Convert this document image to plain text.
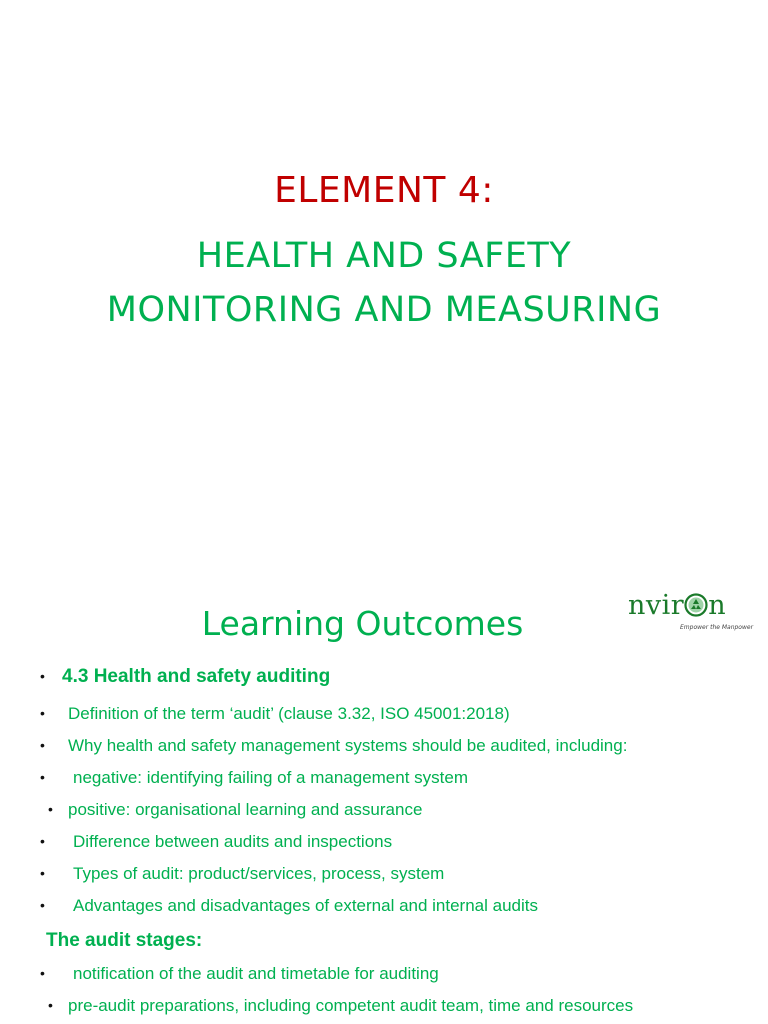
ELEMENT 4:
HEALTH AND SAFETY
MONITORING AND MEASURING
Learning Outcomes	nvir n
Empower the Manpower
• 4.3 Health and safety auditing
• Definition of the term ‘audit’ (clause 3.32, ISO 45001:2018)
• Why health and safety management systems should be audited, including:
• negative: identifying failing of a management system
• positive: organisational learning and assurance
• Difference between audits and inspections
• Types of audit: product/services, process, system
• Advantages and disadvantages of external and internal audits
The audit stages:
• notification of the audit and timetable for auditing
• pre-audit preparations, including competent audit team, time and resources
